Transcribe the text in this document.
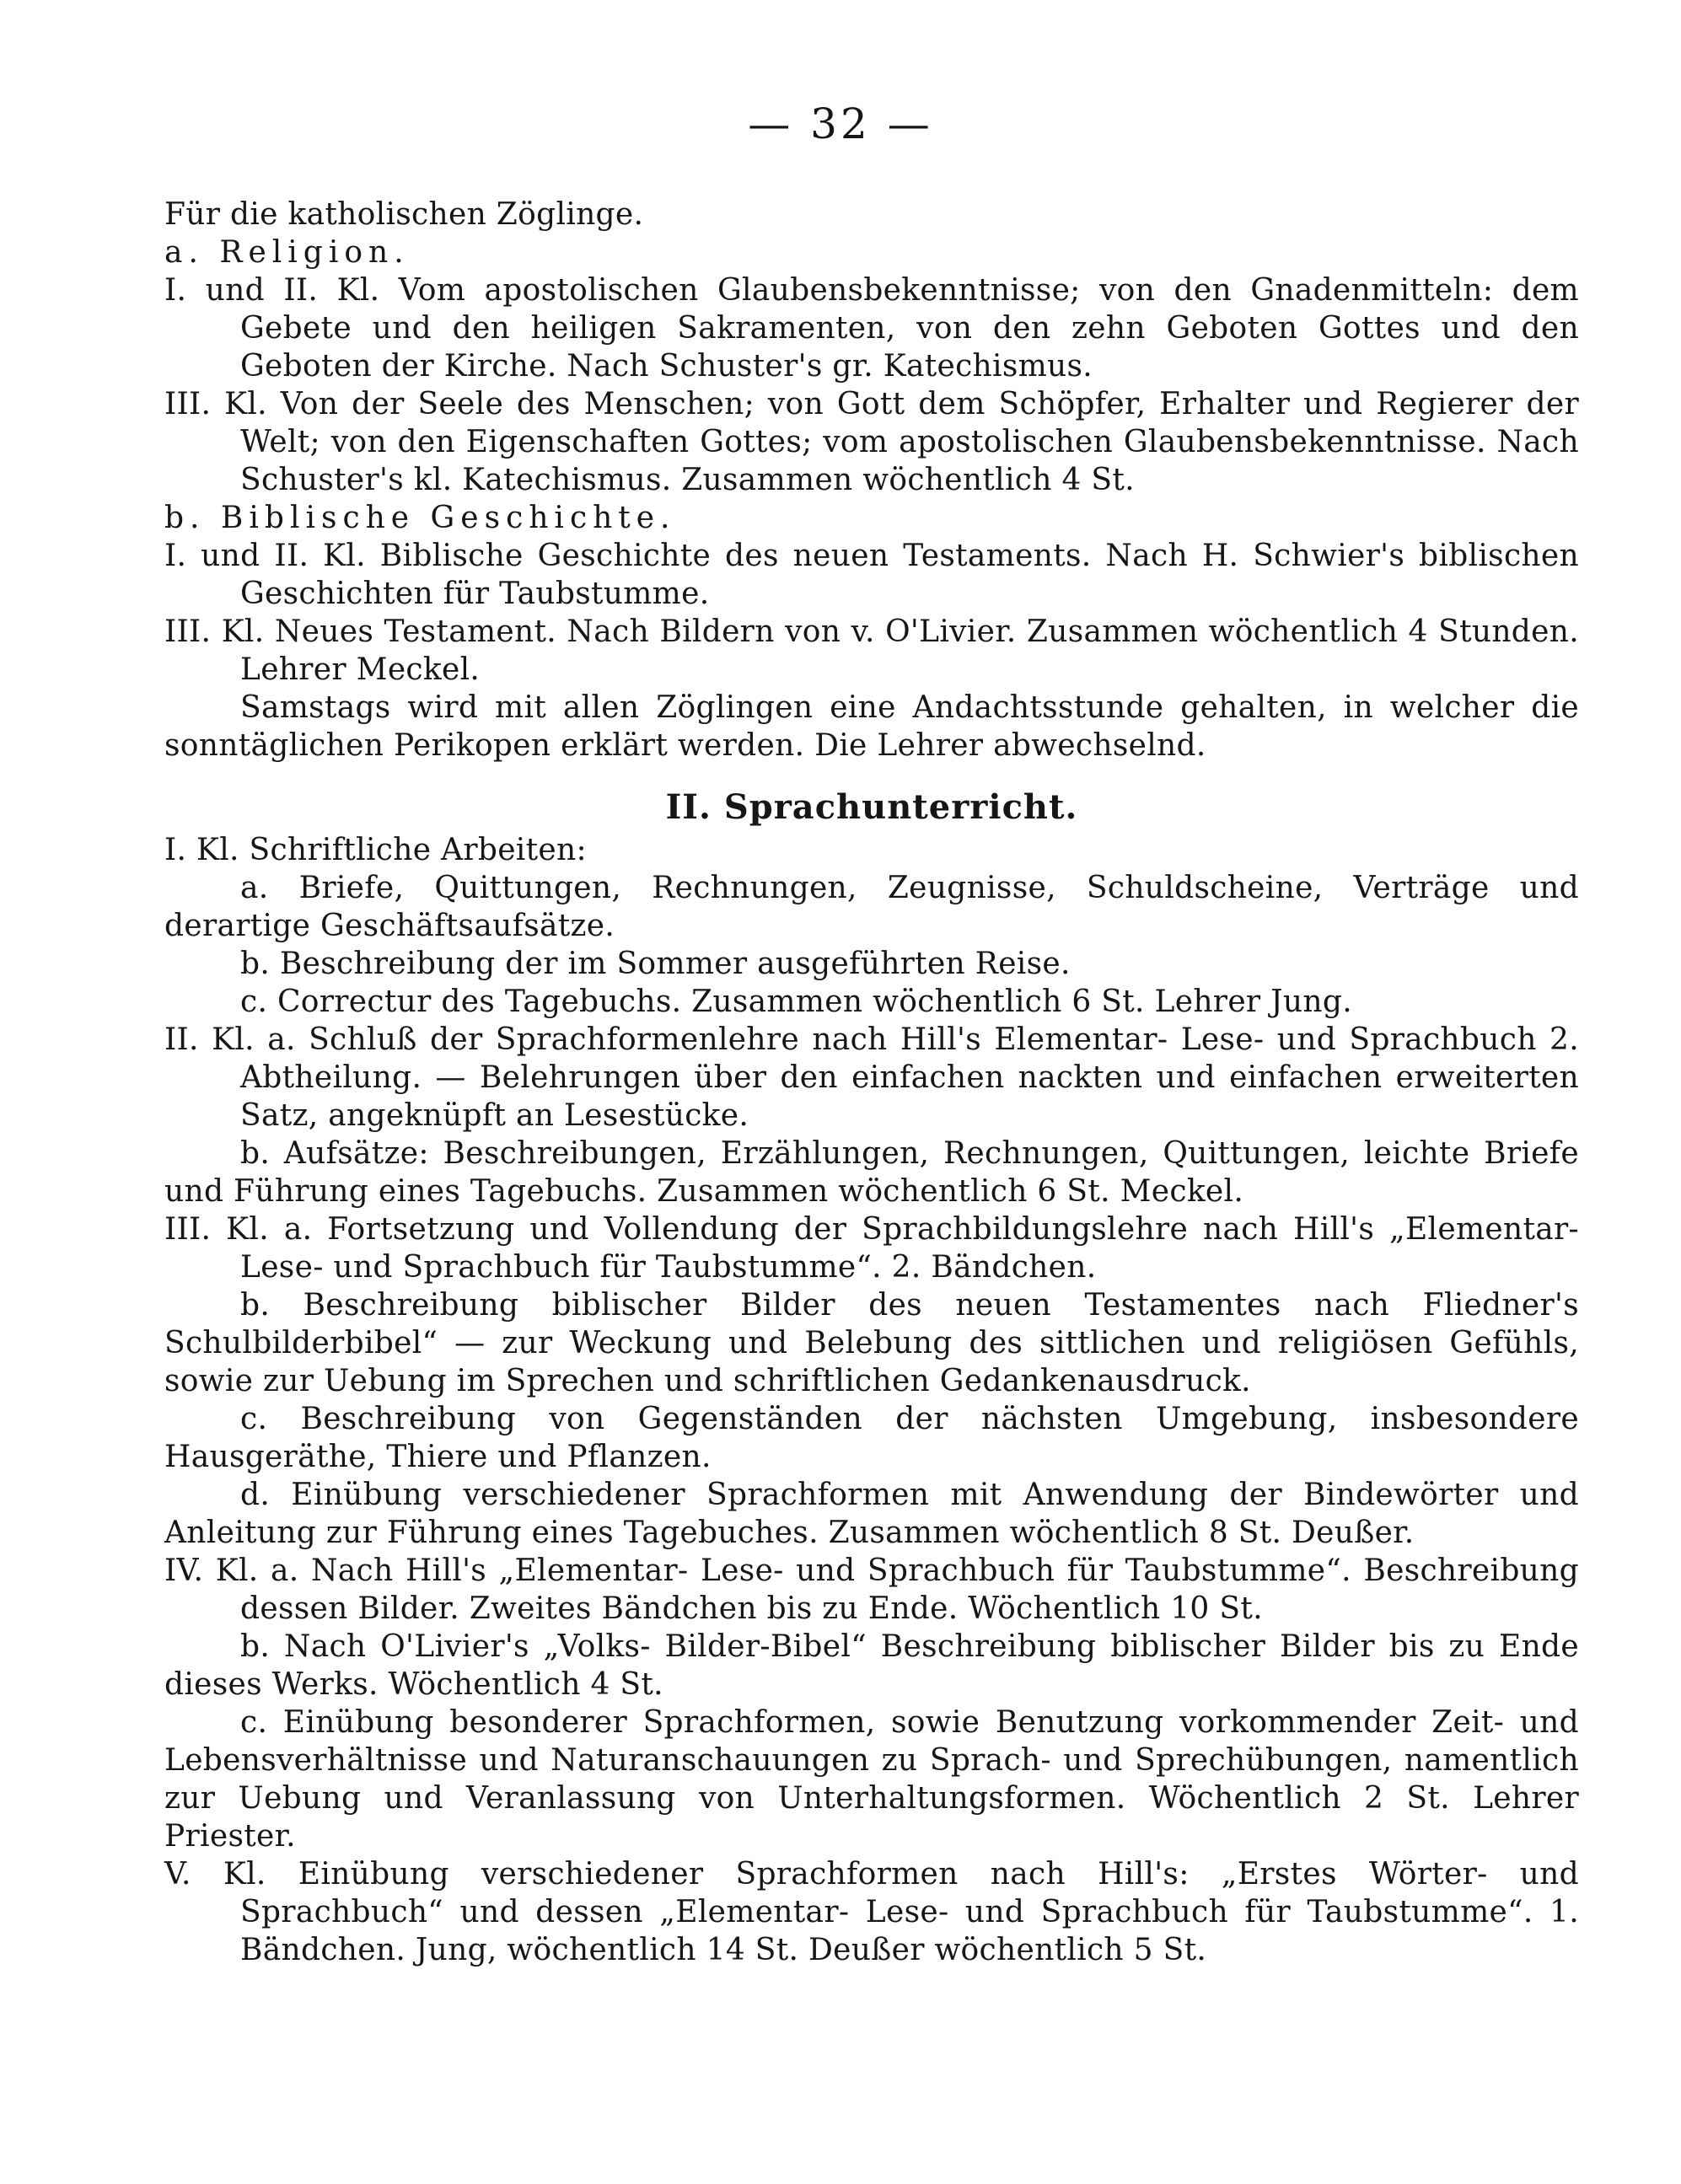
— 32 —

Für die katholischen Zöglinge.

a. Religion.

I. und II. Kl. Vom apostolischen Glaubensbekenntnisse; von den Gnadenmitteln: dem Gebete und den heiligen Sakramenten, von den zehn Geboten Gottes und den Geboten der Kirche. Nach Schuster's gr. Katechismus.

III. Kl. Von der Seele des Menschen; von Gott dem Schöpfer, Erhalter und Regierer der Welt; von den Eigenschaften Gottes; vom apostolischen Glaubensbekenntnisse. Nach Schuster's kl. Katechismus. Zusammen wöchentlich 4 St.

b. Biblische Geschichte.

I. und II. Kl. Biblische Geschichte des neuen Testaments. Nach H. Schwier's biblischen Geschichten für Taubstumme.

III. Kl. Neues Testament. Nach Bildern von v. O'Livier. Zusammen wöchentlich 4 Stunden. Lehrer Meckel.

Samstags wird mit allen Zöglingen eine Andachtsstunde gehalten, in welcher die sonntäglichen Perikopen erklärt werden. Die Lehrer abwechselnd.

II. Sprachunterricht.

I. Kl. Schriftliche Arbeiten:

a. Briefe, Quittungen, Rechnungen, Zeugnisse, Schuldscheine, Verträge und derartige Geschäftsaufsätze.

b. Beschreibung der im Sommer ausgeführten Reise.

c. Correctur des Tagebuchs. Zusammen wöchentlich 6 St. Lehrer Jung.

II. Kl. a. Schluß der Sprachformenlehre nach Hill's Elementar- Lese- und Sprachbuch 2. Abtheilung. — Belehrungen über den einfachen nackten und einfachen erweiterten Satz, angeknüpft an Lesestücke.

b. Aufsätze: Beschreibungen, Erzählungen, Rechnungen, Quittungen, leichte Briefe und Führung eines Tagebuchs. Zusammen wöchentlich 6 St. Meckel.

III. Kl. a. Fortsetzung und Vollendung der Sprachbildungslehre nach Hill's „Elementar- Lese- und Sprachbuch für Taubstumme“. 2. Bändchen.

b. Beschreibung biblischer Bilder des neuen Testamentes nach Fliedner's Schulbilderbibel“ — zur Weckung und Belebung des sittlichen und religiösen Gefühls, sowie zur Uebung im Sprechen und schriftlichen Gedankenausdruck.

c. Beschreibung von Gegenständen der nächsten Umgebung, insbesondere Hausgeräthe, Thiere und Pflanzen.

d. Einübung verschiedener Sprachformen mit Anwendung der Bindewörter und Anleitung zur Führung eines Tagebuches. Zusammen wöchentlich 8 St. Deußer.

IV. Kl. a. Nach Hill's „Elementar- Lese- und Sprachbuch für Taubstumme“. Beschreibung dessen Bilder. Zweites Bändchen bis zu Ende. Wöchentlich 10 St.

b. Nach O'Livier's „Volks- Bilder-Bibel“ Beschreibung biblischer Bilder bis zu Ende dieses Werks. Wöchentlich 4 St.

c. Einübung besonderer Sprachformen, sowie Benutzung vorkommender Zeit- und Lebensverhältnisse und Naturanschauungen zu Sprach- und Sprechübungen, namentlich zur Uebung und Veranlassung von Unterhaltungsformen. Wöchentlich 2 St. Lehrer Priester.

V. Kl. Einübung verschiedener Sprachformen nach Hill's: „Erstes Wörter- und Sprachbuch“ und dessen „Elementar- Lese- und Sprachbuch für Taubstumme“. 1. Bändchen. Jung, wöchentlich 14 St. Deußer wöchentlich 5 St.
